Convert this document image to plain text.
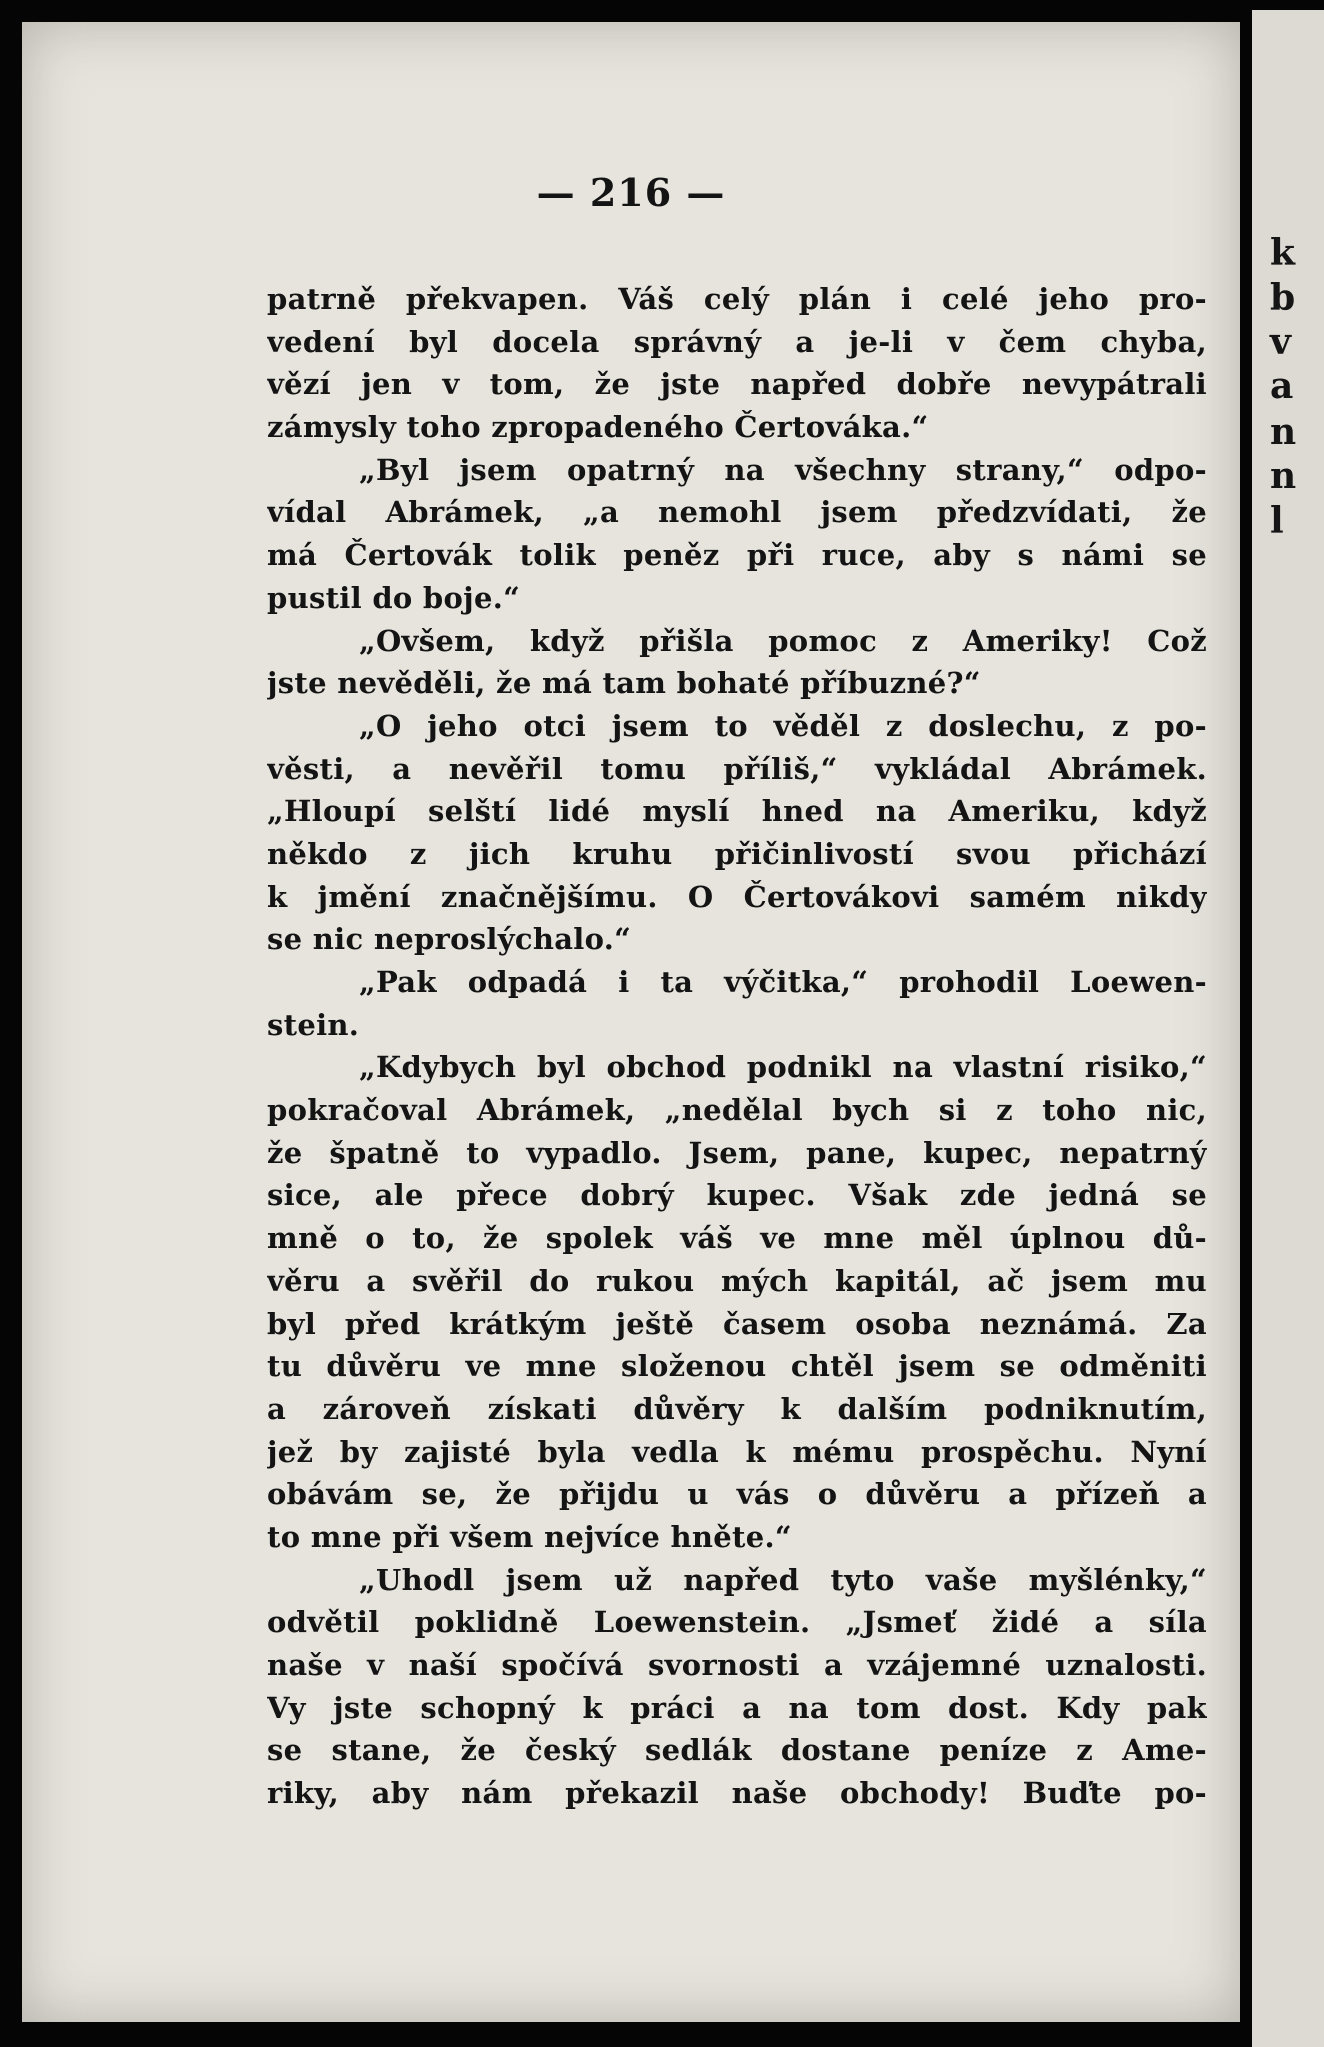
— 216 —
patrně překvapen. Váš celý plán i celé jeho pro-
vedení byl docela správný a je-li v čem chyba,
vězí jen v tom, že jste napřed dobře nevypátrali
zámysly toho zpropadeného Čertováka.“
„Byl jsem opatrný na všechny strany,“ odpo-
vídal Abrámek, „a nemohl jsem předzvídati, že
má Čertovák tolik peněz při ruce, aby s námi se
pustil do boje.“
„Ovšem, když přišla pomoc z Ameriky! Což
jste nevěděli, že má tam bohaté příbuzné?“
„O jeho otci jsem to věděl z doslechu, z po-
věsti, a nevěřil tomu příliš,“ vykládal Abrámek.
„Hloupí selští lidé myslí hned na Ameriku, když
někdo z jich kruhu přičinlivostí svou přichází
k jmění značnějšímu. O Čertovákovi samém nikdy
se nic neproslýchalo.“
„Pak odpadá i ta výčitka,“ prohodil Loewen-
stein.
„Kdybych byl obchod podnikl na vlastní risiko,“
pokračoval Abrámek, „nedělal bych si z toho nic,
že špatně to vypadlo. Jsem, pane, kupec, nepatrný
sice, ale přece dobrý kupec. Však zde jedná se
mně o to, že spolek váš ve mne měl úplnou dů-
věru a svěřil do rukou mých kapitál, ač jsem mu
byl před krátkým ještě časem osoba neznámá. Za
tu důvěru ve mne složenou chtěl jsem se odměniti
a zároveň získati důvěry k dalším podniknutím,
jež by zajisté byla vedla k mému prospěchu. Nyní
obávám se, že přijdu u vás o důvěru a přízeň a
to mne při všem nejvíce hněte.“
„Uhodl jsem už napřed tyto vaše myšlénky,“
odvětil poklidně Loewenstein. „Jsmeť židé a síla
naše v naší spočívá svornosti a vzájemné uznalosti.
Vy jste schopný k práci a na tom dost. Kdy pak
se stane, že český sedlák dostane peníze z Ame-
riky, aby nám překazil naše obchody! Buďte po-
k
b
v
a
n
n
l
